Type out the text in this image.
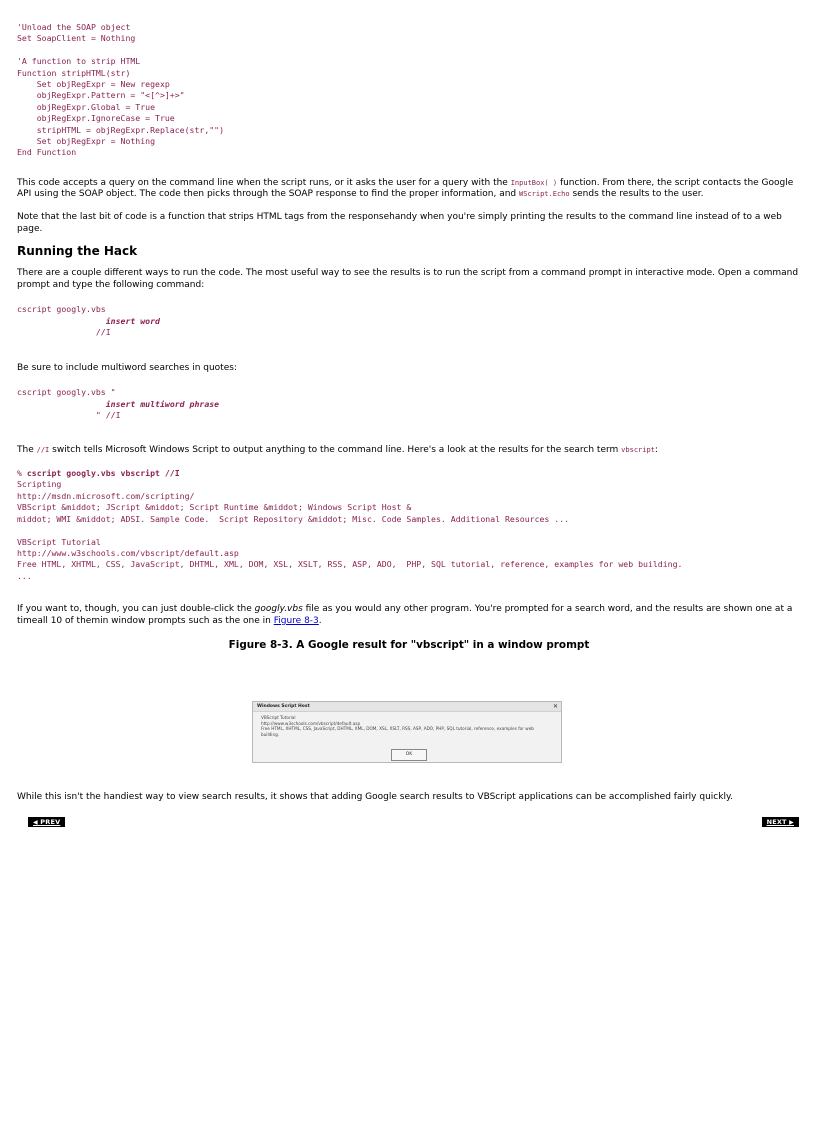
'Unload the SOAP object
Set SoapClient = Nothing

'A function to strip HTML
Function stripHTML(str)
Set objRegExpr = New regexp
objRegExpr.Pattern = "<[^>]+>"
objRegExpr.Global = True
objRegExpr.IgnoreCase = True
stripHTML = objRegExpr.Replace(str,"")
Set objRegExpr = Nothing
End Function

This code accepts a query on the command line when the script runs, or it asks the user for a query with the InputBox( ) function. From there, the script contacts the Google API using the SOAP object. The code then picks through the SOAP response to find the proper information, and WScript.Echo sends the results to the user.

Note that the last bit of code is a function that strips HTML tags from the responsehandy when you're simply printing the results to the command line instead of to a web page.

Running the Hack

There are a couple different ways to run the code. The most useful way to see the results is to run the script from a command prompt in interactive mode. Open a command prompt and type the following command:

cscript googly.vbs
insert word
//I

Be sure to include multiword searches in quotes:

cscript googly.vbs "
insert multiword phrase
" //I

The //I switch tells Microsoft Windows Script to output anything to the command line. Here's a look at the results for the search term vbscript:

% cscript googly.vbs vbscript //I
Scripting
http://msdn.microsoft.com/scripting/
VBScript &middot; JScript &middot; Script Runtime &middot; Windows Script Host &
middot; WMI &middot; ADSI. Sample Code.  Script Repository &middot; Misc. Code Samples. Additional Resources ...

VBScript Tutorial
http://www.w3schools.com/vbscript/default.asp
Free HTML, XHTML, CSS, JavaScript, DHTML, XML, DOM, XSL, XSLT, RSS, ASP, ADO,  PHP, SQL tutorial, reference, examples for web building.
...

If you want to, though, you can just double-click the googly.vbs file as you would any other program. You're prompted for a search word, and the results are shown one at a timeall 10 of themin window prompts such as the one in Figure 8-3.

Figure 8-3. A Google result for "vbscript" in a window prompt
Windows Script Host	✕
VBScript Tutorial
http://www.w3schools.com/vbscript/default.asp
Free HTML, XHTML, CSS, JavaScript, DHTML, XML, DOM, XSL, XSLT, RSS, ASP, ADO, PHP, SQL tutorial, reference, examples for web building.
OK

While this isn't the handiest way to view search results, it shows that adding Google search results to VBScript applications can be accomplished fairly quickly.

◀ PREV	NEXT ▶
